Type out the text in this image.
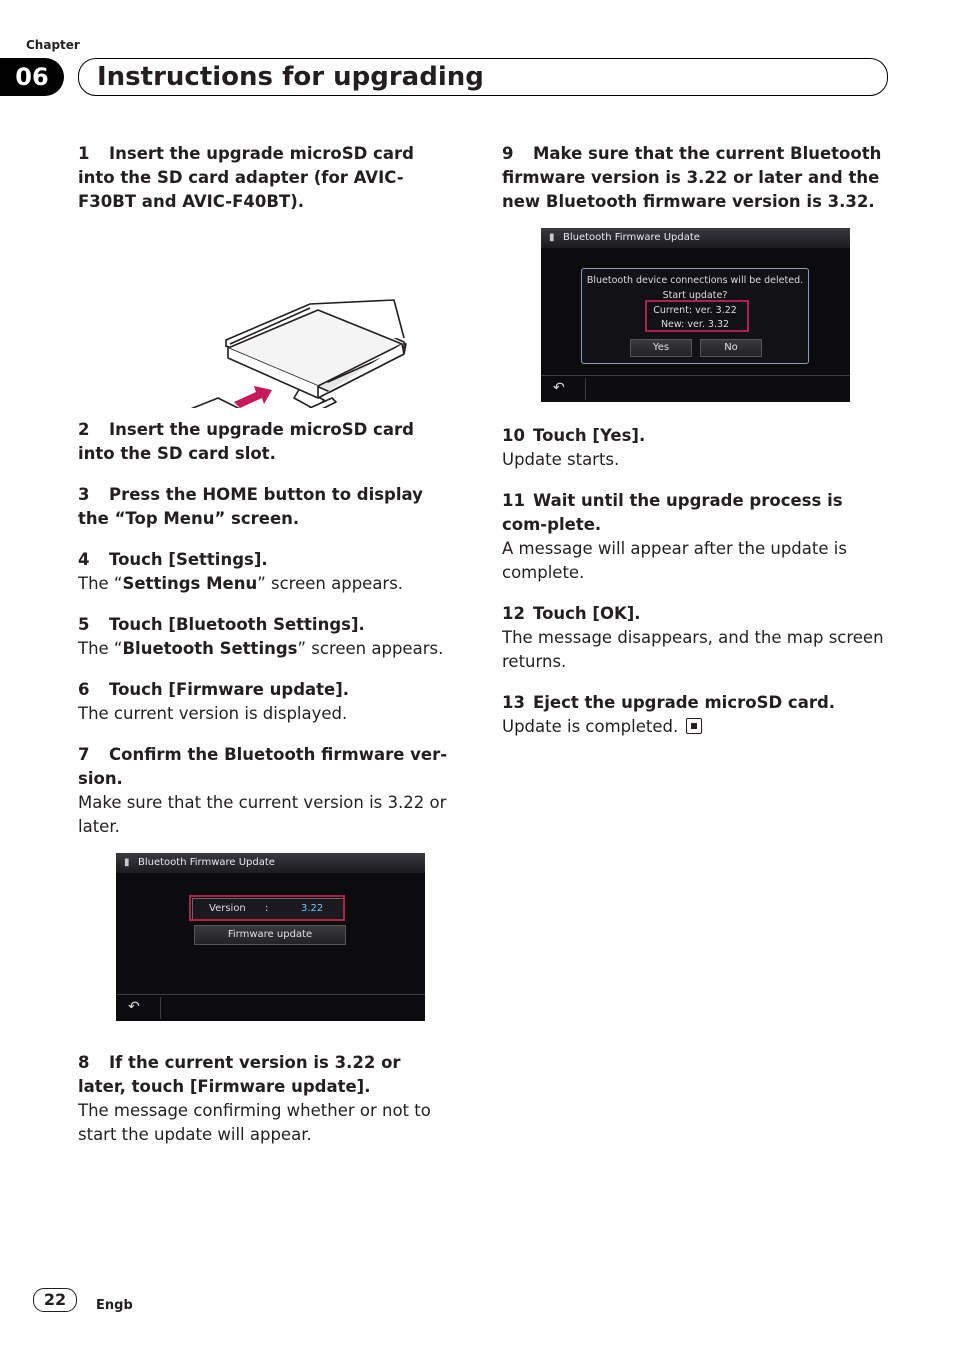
Chapter
06	Instructions for upgrading
1 Insert the upgrade microSD card into the SD card adapter (for AVIC-F30BT and AVIC-F40BT).
2 Insert the upgrade microSD card into the SD card slot.
3 Press the HOME button to display the “Top Menu” screen.
4 Touch [Settings].
The “Settings Menu” screen appears.
5 Touch [Bluetooth Settings].
The “Bluetooth Settings” screen appears.
6 Touch [Firmware update].
The current version is displayed.
7 Confirm the Bluetooth firmware ver-sion.
Make sure that the current version is 3.22 or later.
▮ Bluetooth Firmware Update
Version :	3.22
Firmware update
↶
8 If the current version is 3.22 or later, touch [Firmware update].
The message confirming whether or not to start the update will appear.
9 Make sure that the current Bluetooth firmware version is 3.22 or later and the new Bluetooth firmware version is 3.32.
▮ Bluetooth Firmware Update
Bluetooth device connections will be deleted.
Start update?
Current: ver. 3.22
New: ver. 3.32
Yes	No
↶
10 Touch [Yes].
Update starts.
11 Wait until the upgrade process is com-plete.
A message will appear after the update is complete.
12 Touch [OK].
The message disappears, and the map screen returns.
13 Eject the upgrade microSD card.
Update is completed.
22	Engb
